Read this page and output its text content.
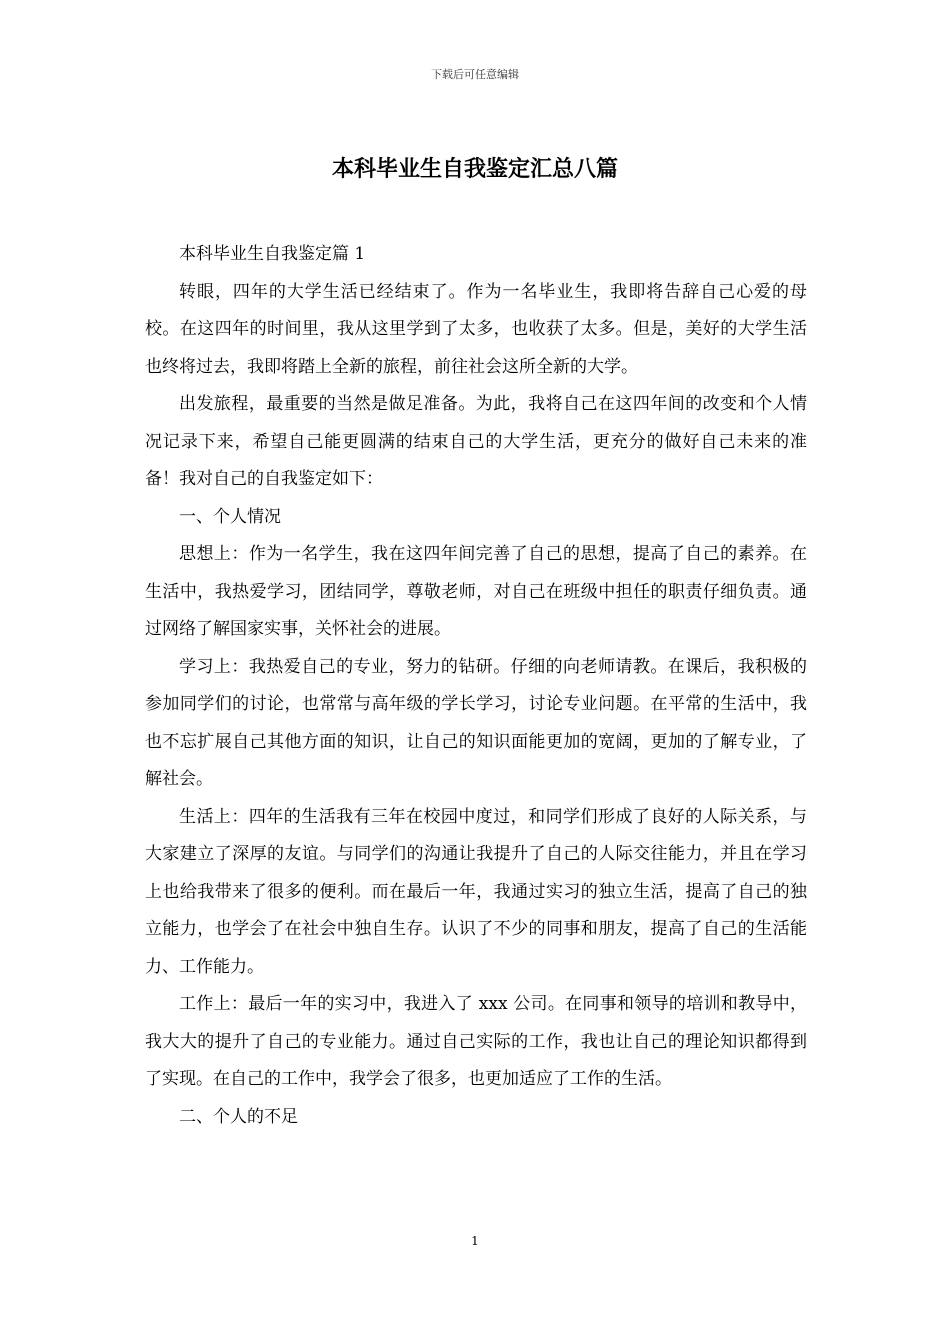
下载后可任意编辑
本科毕业生自我鉴定汇总八篇

本科毕业生自我鉴定篇 1

转眼，四年的大学生活已经结束了。作为一名毕业生，我即将告辞自己心爱的母校。在这四年的时间里，我从这里学到了太多，也收获了太多。但是，美好的大学生活也终将过去，我即将踏上全新的旅程，前往社会这所全新的大学。

出发旅程，最重要的当然是做足准备。为此，我将自己在这四年间的改变和个人情况记录下来，希望自己能更圆满的结束自己的大学生活，更充分的做好自己未来的准备！我对自己的自我鉴定如下：

一、个人情况

思想上：作为一名学生，我在这四年间完善了自己的思想，提高了自己的素养。在生活中，我热爱学习，团结同学，尊敬老师，对自己在班级中担任的职责仔细负责。通过网络了解国家实事，关怀社会的进展。

学习上：我热爱自己的专业，努力的钻研。仔细的向老师请教。在课后，我积极的参加同学们的讨论，也常常与高年级的学长学习，讨论专业问题。在平常的生活中，我也不忘扩展自己其他方面的知识，让自己的知识面能更加的宽阔，更加的了解专业，了解社会。

生活上：四年的生活我有三年在校园中度过，和同学们形成了良好的人际关系，与大家建立了深厚的友谊。与同学们的沟通让我提升了自己的人际交往能力，并且在学习上也给我带来了很多的便利。而在最后一年，我通过实习的独立生活，提高了自己的独立能力，也学会了在社会中独自生存。认识了不少的同事和朋友，提高了自己的生活能力、工作能力。

工作上：最后一年的实习中，我进入了 xxx 公司。在同事和领导的培训和教导中，我大大的提升了自己的专业能力。通过自己实际的工作，我也让自己的理论知识都得到了实现。在自己的工作中，我学会了很多，也更加适应了工作的生活。

二、个人的不足

1
